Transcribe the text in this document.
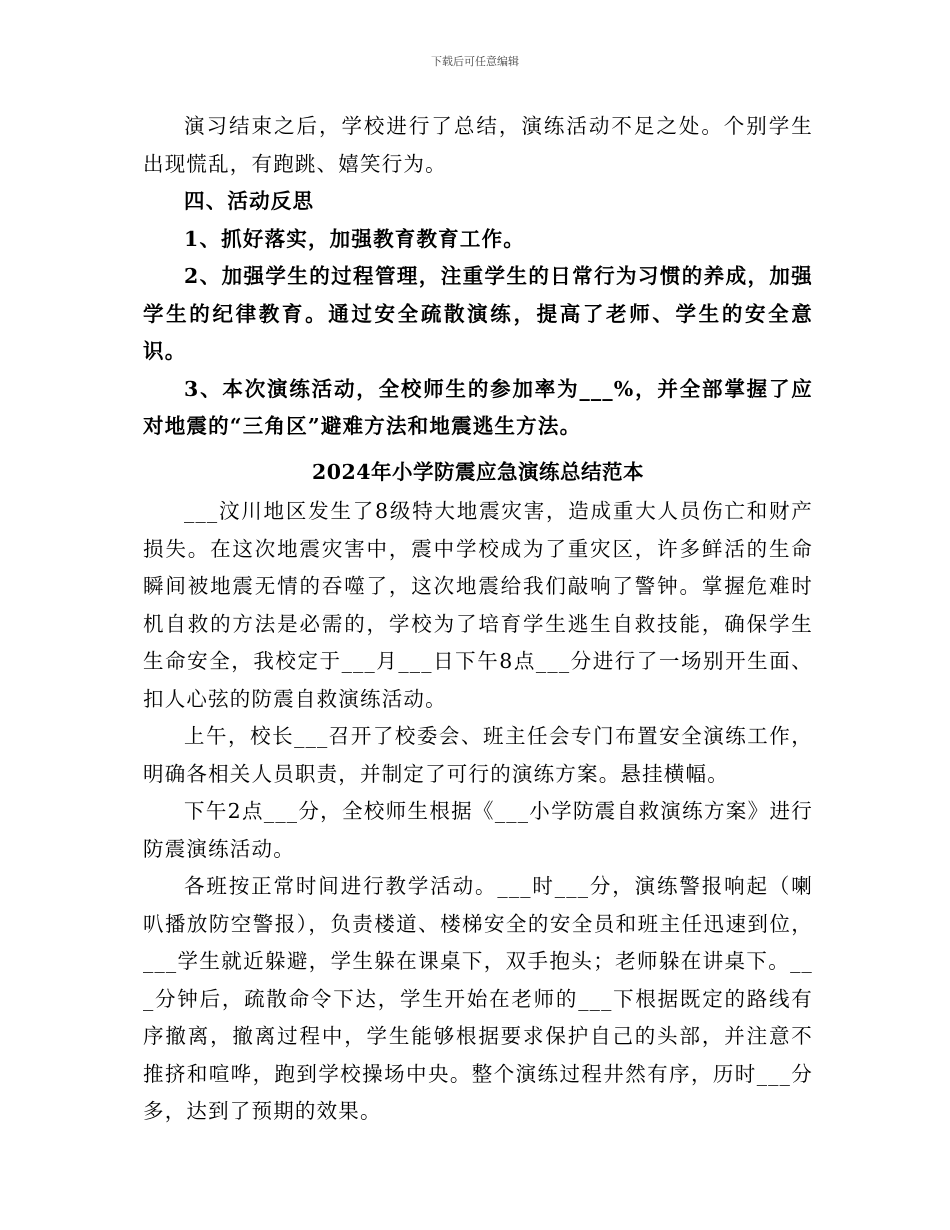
下载后可任意编辑

演习结束之后，学校进行了总结，演练活动不足之处。个别学生出现慌乱，有跑跳、嬉笑行为。

四、活动反思

1、抓好落实，加强教育教育工作。

2、加强学生的过程管理，注重学生的日常行为习惯的养成，加强学生的纪律教育。通过安全疏散演练，提高了老师、学生的安全意识。

3、本次演练活动，全校师生的参加率为___%，并全部掌握了应对地震的“三角区”避难方法和地震逃生方法。

2024年小学防震应急演练总结范本

___汶川地区发生了8级特大地震灾害，造成重大人员伤亡和财产损失。在这次地震灾害中，震中学校成为了重灾区，许多鲜活的生命瞬间被地震无情的吞噬了，这次地震给我们敲响了警钟。掌握危难时机自救的方法是必需的，学校为了培育学生逃生自救技能，确保学生生命安全，我校定于___月___日下午8点___分进行了一场别开生面、扣人心弦的防震自救演练活动。

上午，校长___召开了校委会、班主任会专门布置安全演练工作，明确各相关人员职责，并制定了可行的演练方案。悬挂横幅。

下午2点___分，全校师生根据《___小学防震自救演练方案》进行防震演练活动。

各班按正常时间进行教学活动。___时___分，演练警报响起（喇叭播放防空警报），负责楼道、楼梯安全的安全员和班主任迅速到位，___学生就近躲避，学生躲在课桌下，双手抱头；老师躲在讲桌下。___分钟后，疏散命令下达，学生开始在老师的___下根据既定的路线有序撤离，撤离过程中，学生能够根据要求保护自己的头部，并注意不推挤和喧哗，跑到学校操场中央。整个演练过程井然有序，历时___分多，达到了预期的效果。
